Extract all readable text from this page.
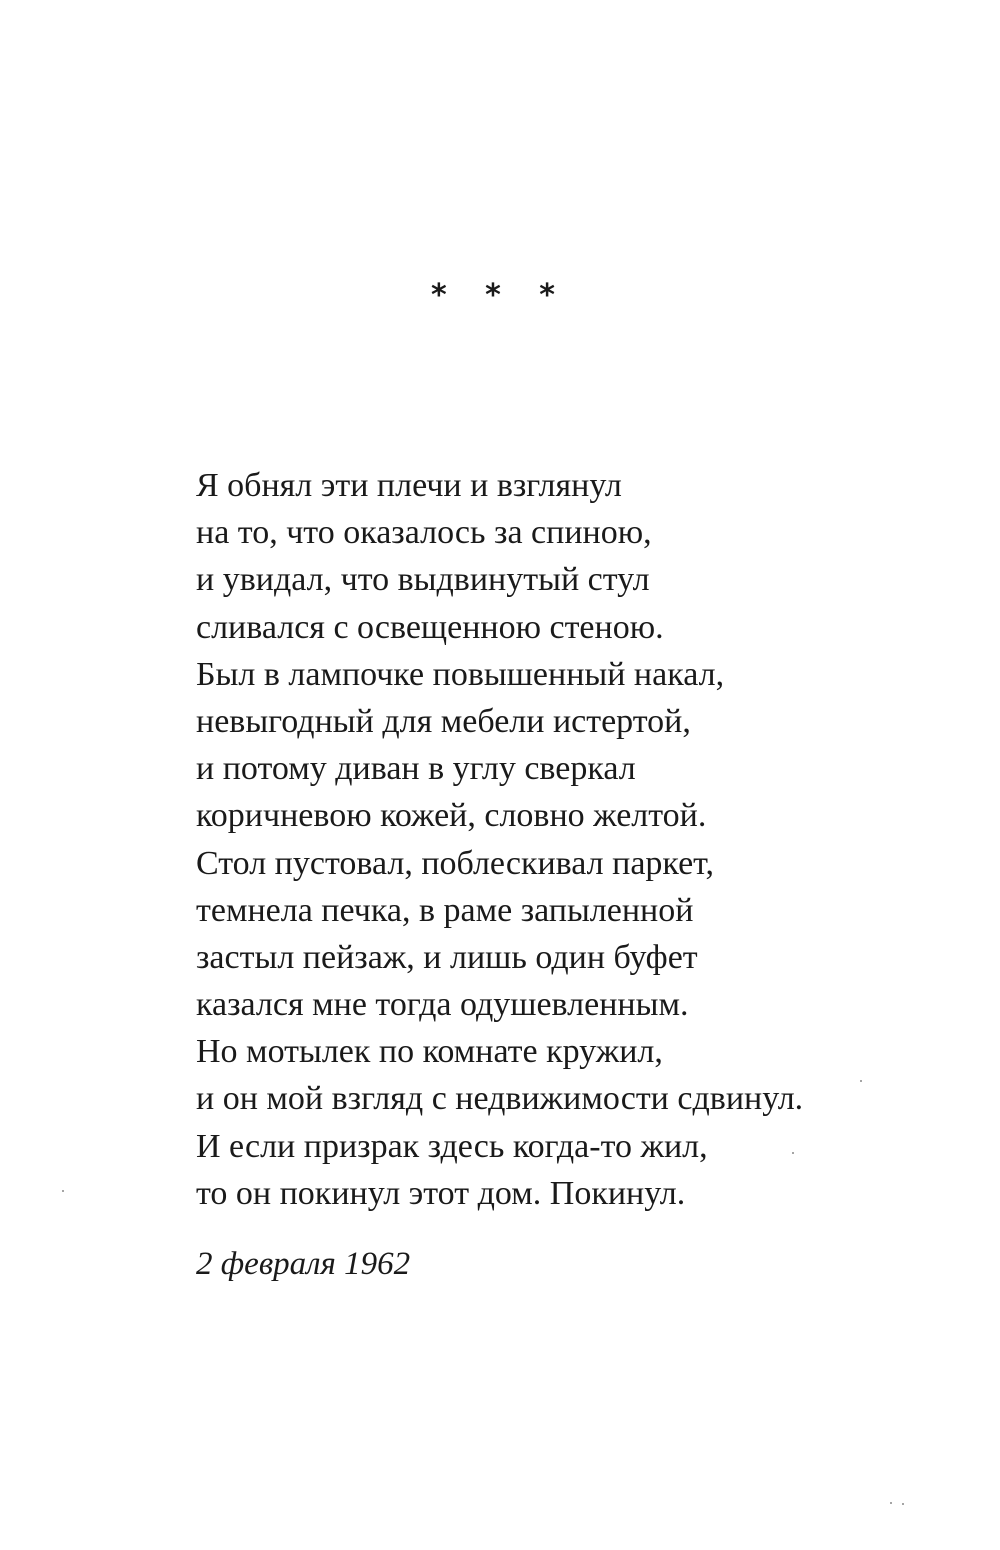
* * *
Я обнял эти плечи и взглянул
на то, что оказалось за спиною,
и увидал, что выдвинутый стул
сливался с освещенною стеною.
Был в лампочке повышенный накал,
невыгодный для мебели истертой,
и потому диван в углу сверкал
коричневою кожей, словно желтой.
Стол пустовал, поблескивал паркет,
темнела печка, в раме запыленной
застыл пейзаж, и лишь один буфет
казался мне тогда одушевленным.
Но мотылек по комнате кружил,
и он мой взгляд с недвижимости сдвинул.
И если призрак здесь когда-то жил,
то он покинул этот дом. Покинул.
2 февраля 1962
